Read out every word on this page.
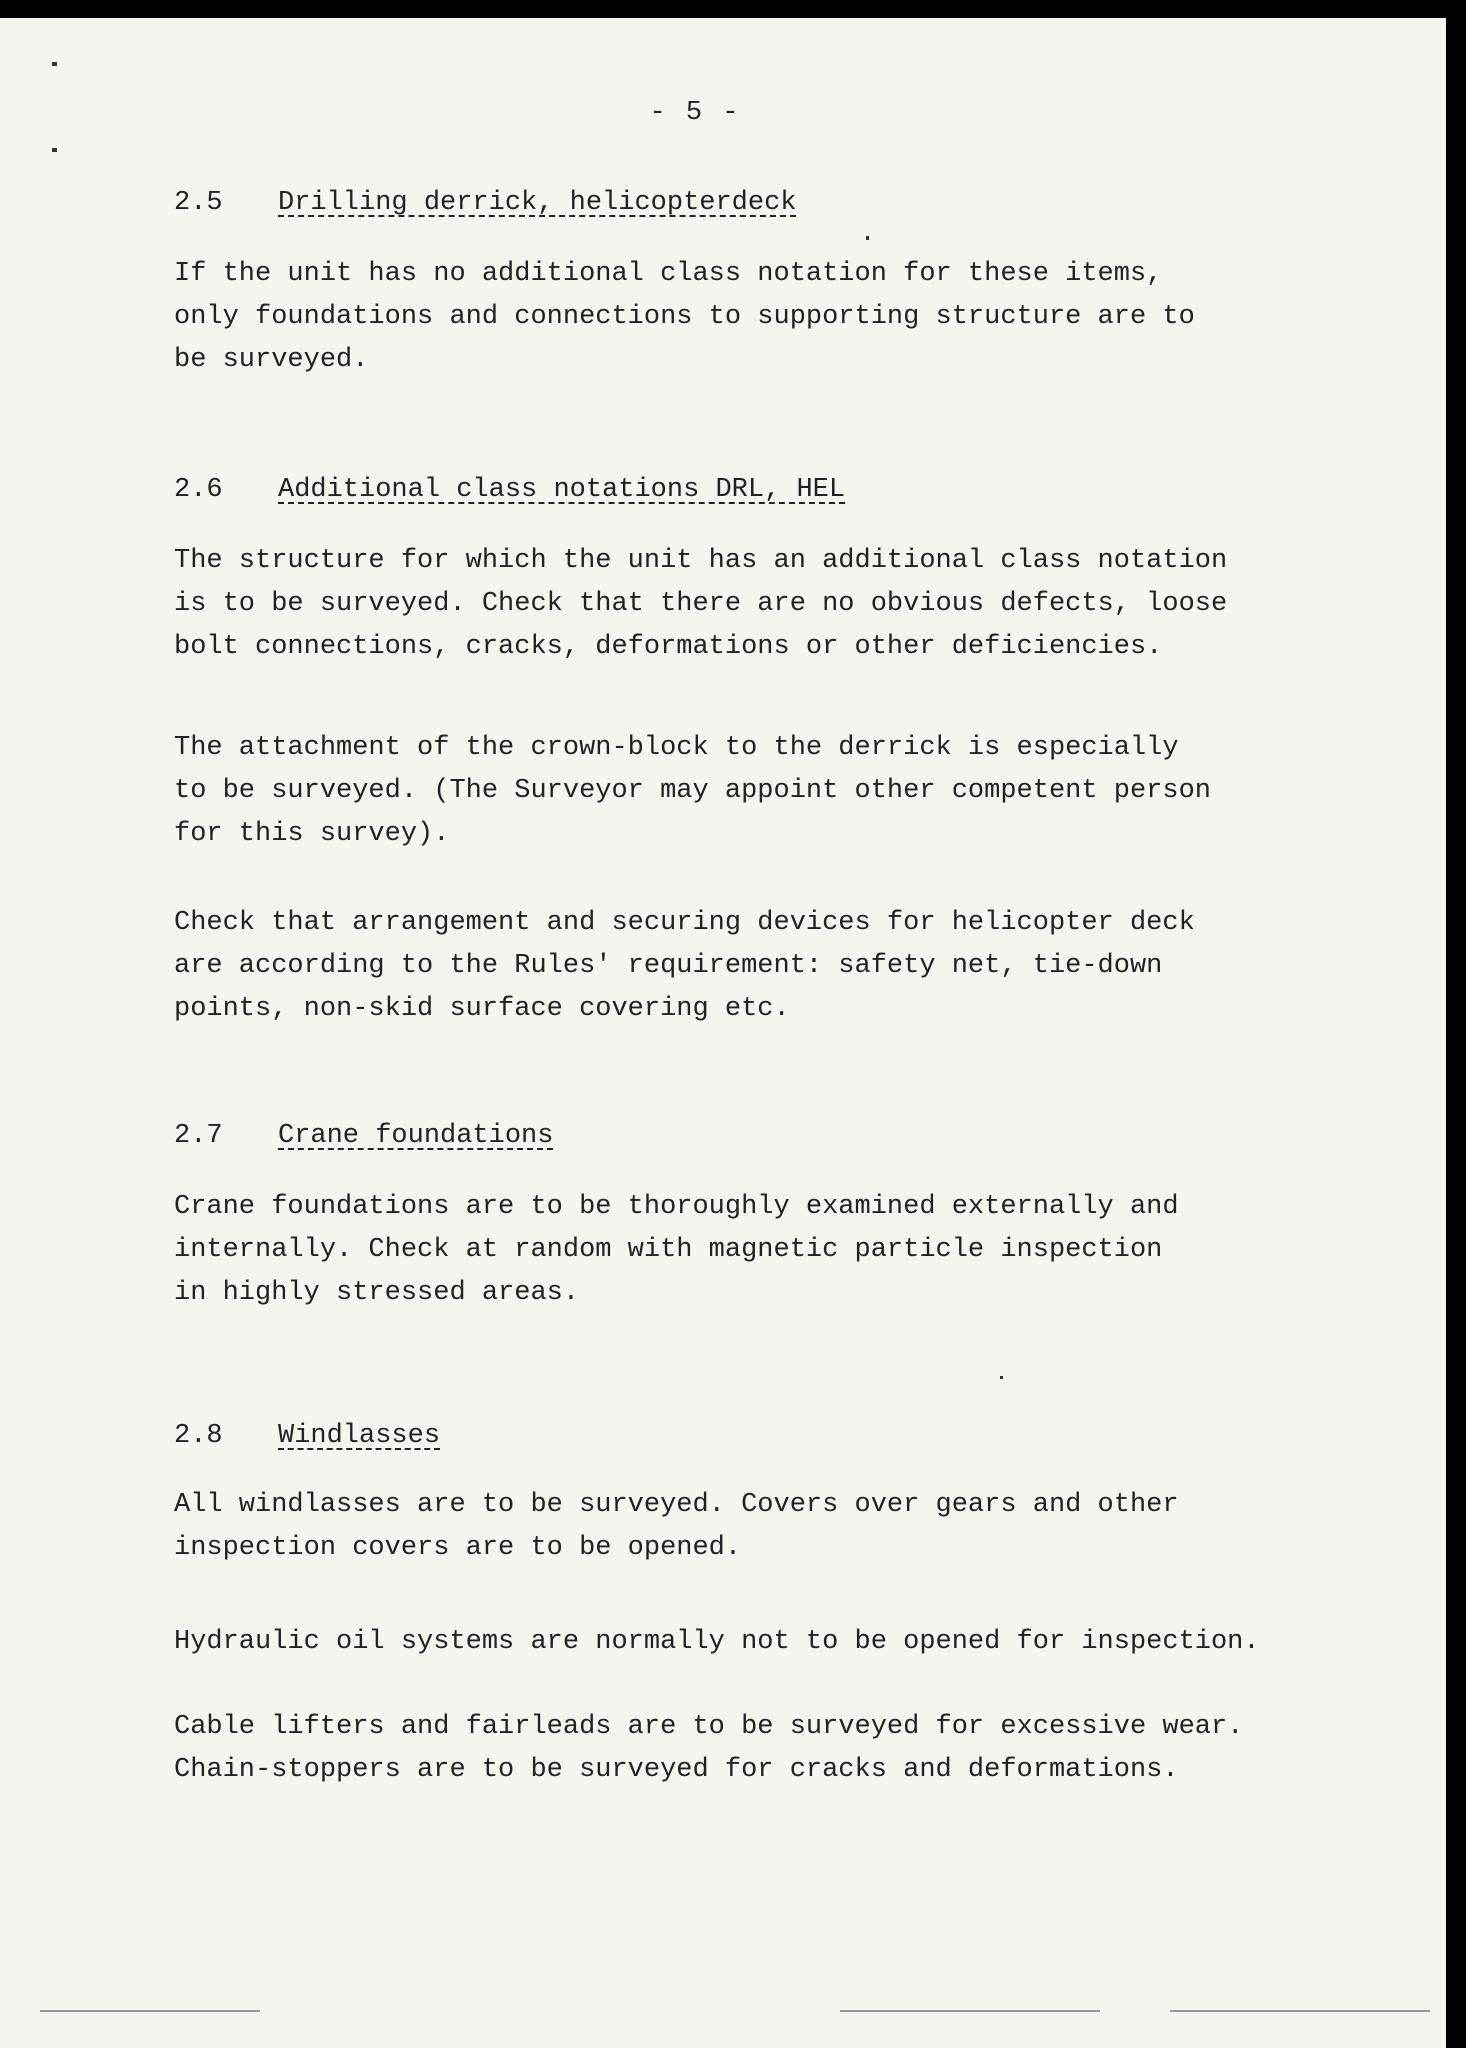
- 5 -
2.5	Drilling derrick, helicopterdeck

If the unit has no additional class notation for these items,
only foundations and connections to supporting structure are to
be surveyed.

2.6	Additional class notations DRL, HEL

The structure for which the unit has an additional class notation
is to be surveyed. Check that there are no obvious defects, loose
bolt connections, cracks, deformations or other deficiencies.

The attachment of the crown-block to the derrick is especially
to be surveyed. (The Surveyor may appoint other competent person
for this survey).

Check that arrangement and securing devices for helicopter deck
are according to the Rules' requirement: safety net, tie-down
points, non-skid surface covering etc.

2.7	Crane foundations

Crane foundations are to be thoroughly examined externally and
internally. Check at random with magnetic particle inspection
in highly stressed areas.

2.8	Windlasses

All windlasses are to be surveyed. Covers over gears and other
inspection covers are to be opened.

Hydraulic oil systems are normally not to be opened for inspection.

Cable lifters and fairleads are to be surveyed for excessive wear.
Chain-stoppers are to be surveyed for cracks and deformations.
